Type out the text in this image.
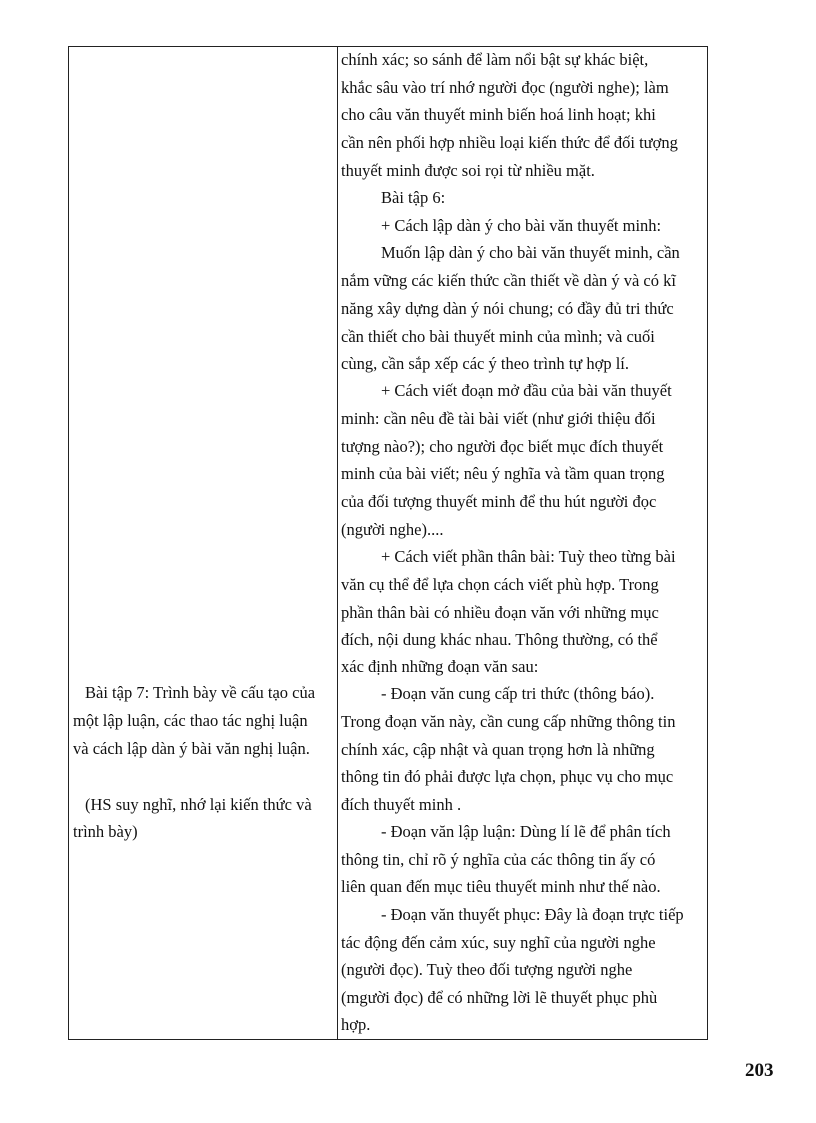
Bài tập 7: Trình bày về cấu tạo của
một lập luận, các thao tác nghị luận
và cách lập dàn ý bài văn nghị luận.
(HS suy nghĩ, nhớ lại kiến thức và
trình bày)
chính xác; so sánh để làm nổi bật sự khác biệt,
khắc sâu vào trí nhớ người đọc (người nghe); làm
cho câu văn thuyết minh biến hoá linh hoạt; khi
cần nên phối hợp nhiều loại kiến thức để đối tượng
thuyết minh được soi rọi từ nhiều mặt.
Bài tập 6:
+ Cách lập dàn ý cho bài văn thuyết minh:
Muốn lập dàn ý cho bài văn thuyết minh, cần
nắm vững các kiến thức cần thiết về dàn ý và có kĩ
năng xây dựng dàn ý nói chung; có đầy đủ tri thức
cần thiết cho bài thuyết minh của mình; và cuối
cùng, cần sắp xếp các ý theo trình tự hợp lí.
+ Cách viết đoạn mở đầu của bài văn thuyết
minh: cần nêu đề tài bài viết (như giới thiệu đối
tượng nào?); cho người đọc biết mục đích thuyết
minh của bài viết; nêu ý nghĩa và tầm quan trọng
của đối tượng thuyết minh để thu hút người đọc
(người nghe)....
+ Cách viết phần thân bài: Tuỳ theo từng bài
văn cụ thể để lựa chọn cách viết phù hợp. Trong
phần thân bài có nhiều đoạn văn với những mục
đích, nội dung khác nhau. Thông thường, có thể
xác định những đoạn văn sau:
- Đoạn văn cung cấp tri thức (thông báo).
Trong đoạn văn này, cần cung cấp những thông tin
chính xác, cập nhật và quan trọng hơn là những
thông tin đó phải được lựa chọn, phục vụ cho mục
đích thuyết minh .
- Đoạn văn lập luận: Dùng lí lẽ để phân tích
thông tin, chỉ rõ ý nghĩa của các thông tin ấy có
liên quan đến mục tiêu thuyết minh như thế nào.
- Đoạn văn thuyết phục: Đây là đoạn trực tiếp
tác động đến cảm xúc, suy nghĩ của người nghe
(người đọc). Tuỳ theo đối tượng người nghe
(mgười đọc) để có những lời lẽ thuyết phục phù
hợp.
203
